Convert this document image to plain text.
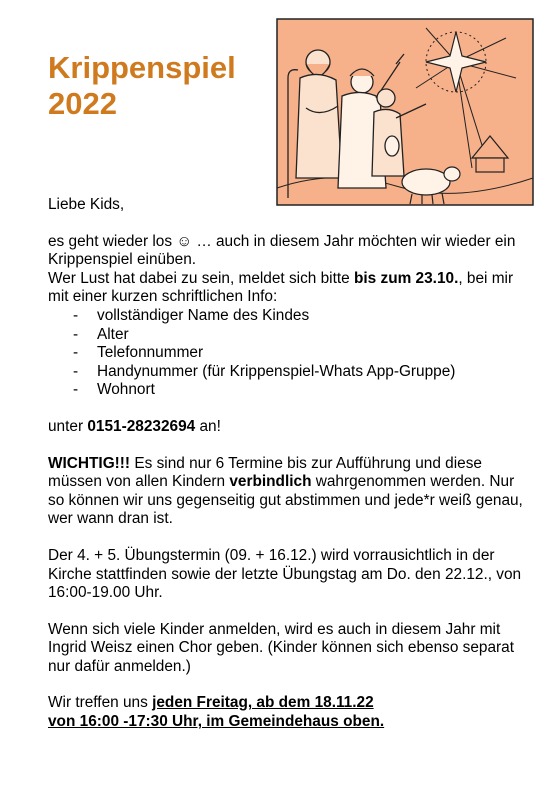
Krippenspiel
2022

Liebe Kids,

es geht wieder los ☺ … auch in diesem Jahr möchten wir wieder ein Krippenspiel einüben.

Wer Lust hat dabei zu sein, meldet sich bitte bis zum 23.10., bei mir mit einer kurzen schriftlichen Info:

- vollständiger Name des Kindes
- Alter
- Telefonnummer
- Handynummer (für Krippenspiel-Whats App-Gruppe)
- Wohnort

unter 0151-28232694 an!

WICHTIG!!! Es sind nur 6 Termine bis zur Aufführung und diese müssen von allen Kindern verbindlich wahrgenommen werden. Nur so können wir uns gegenseitig gut abstimmen und jede*r weiß genau, wer wann dran ist.

Der 4. + 5. Übungstermin (09. + 16.12.) wird vorrausichtlich in der Kirche stattfinden sowie der letzte Übungstag am Do. den 22.12., von 16:00-19.00 Uhr.

Wenn sich viele Kinder anmelden, wird es auch in diesem Jahr mit Ingrid Weisz einen Chor geben. (Kinder können sich ebenso separat nur dafür anmelden.)

Wir treffen uns jeden Freitag, ab dem 18.11.22
von 16:00 -17:30 Uhr, im Gemeindehaus oben.
